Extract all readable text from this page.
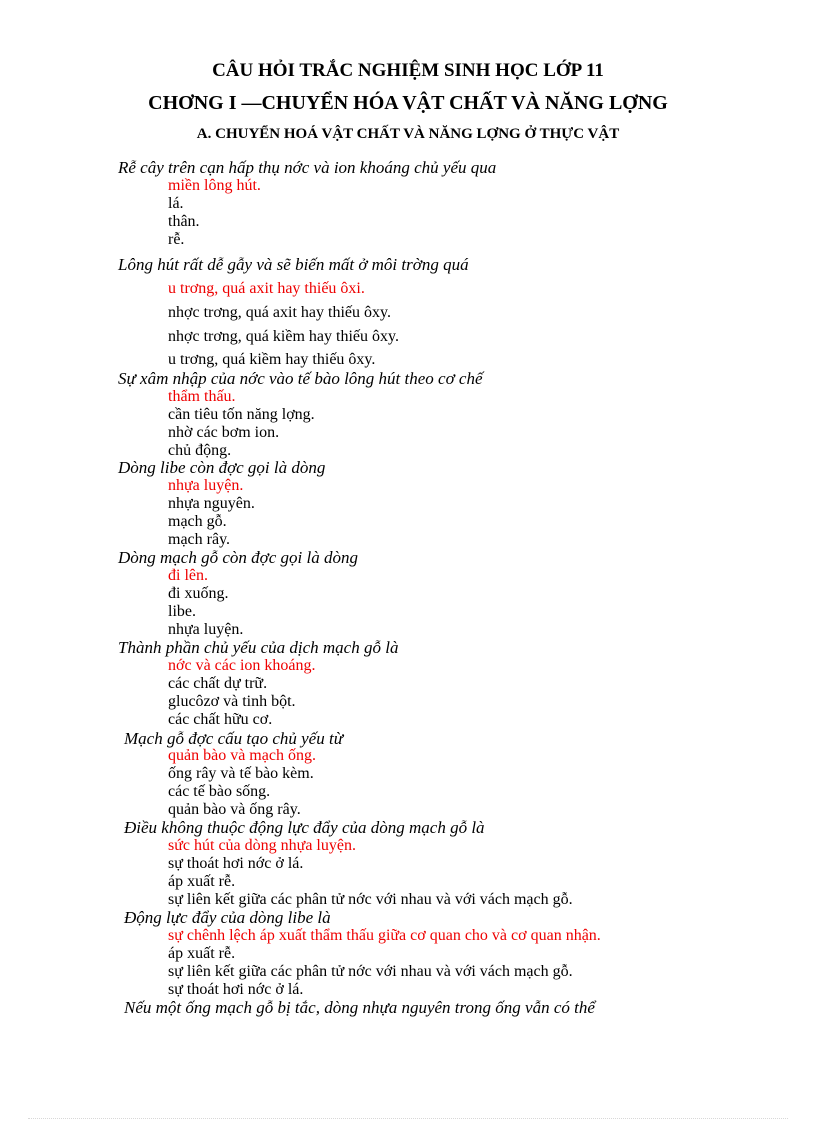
CÂU HỎI TRẮC NGHIỆM SINH HỌC LỚP 11
CHƠNG I —CHUYỂN HÓA VẬT CHẤT VÀ NĂNG LỢNG
A. CHUYỂN HOÁ VẬT CHẤT VÀ NĂNG LỢNG Ở THỰC VẬT
Rễ cây trên cạn hấp thụ nớc và ion khoáng chủ yếu qua
miền lông hút.
lá.
thân.
rễ.
Lông hút rất dễ gẫy và sẽ biến mất ở môi trờng quá
u trơng, quá axit hay thiếu ôxi.
nhợc trơng, quá axit hay thiếu ôxy.
nhợc trơng, quá kiềm hay thiếu ôxy.
u trơng, quá kiềm hay thiếu ôxy.
Sự xâm nhập của nớc vào tế bào lông hút theo cơ chế
thẩm thấu.
cần tiêu tốn năng lợng.
nhờ các bơm ion.
chủ động.
Dòng libe còn đợc gọi là dòng
nhựa luyện.
nhựa nguyên.
mạch gỗ.
mạch rây.
Dòng mạch gỗ còn đợc gọi là dòng
đi lên.
đi xuống.
libe.
nhựa luyện.
Thành phần chủ yếu của dịch mạch gỗ là
nớc và các ion khoáng.
các chất dự trữ.
glucôzơ và tinh bột.
các chất hữu cơ.
Mạch gỗ đợc cấu tạo chủ yếu từ
quản bào và mạch ống.
ống rây và tế bào kèm.
các tế bào sống.
quản bào và ống rây.
Điều không thuộc động lực đẩy của dòng mạch gỗ là
sức hút của dòng nhựa luyện.
sự thoát hơi nớc ở lá.
áp xuất rễ.
sự liên kết giữa các phân tử nớc với nhau và với vách mạch gỗ.
Động lực đẩy của dòng libe là
sự chênh lệch áp xuất thẩm thấu giữa cơ quan cho và cơ quan nhận.
áp xuất rễ.
sự liên kết giữa các phân tử nớc với nhau và với vách mạch gỗ.
sự thoát hơi nớc ở lá.
Nếu một ống mạch gỗ bị tắc, dòng nhựa nguyên trong ống vẫn có thể
